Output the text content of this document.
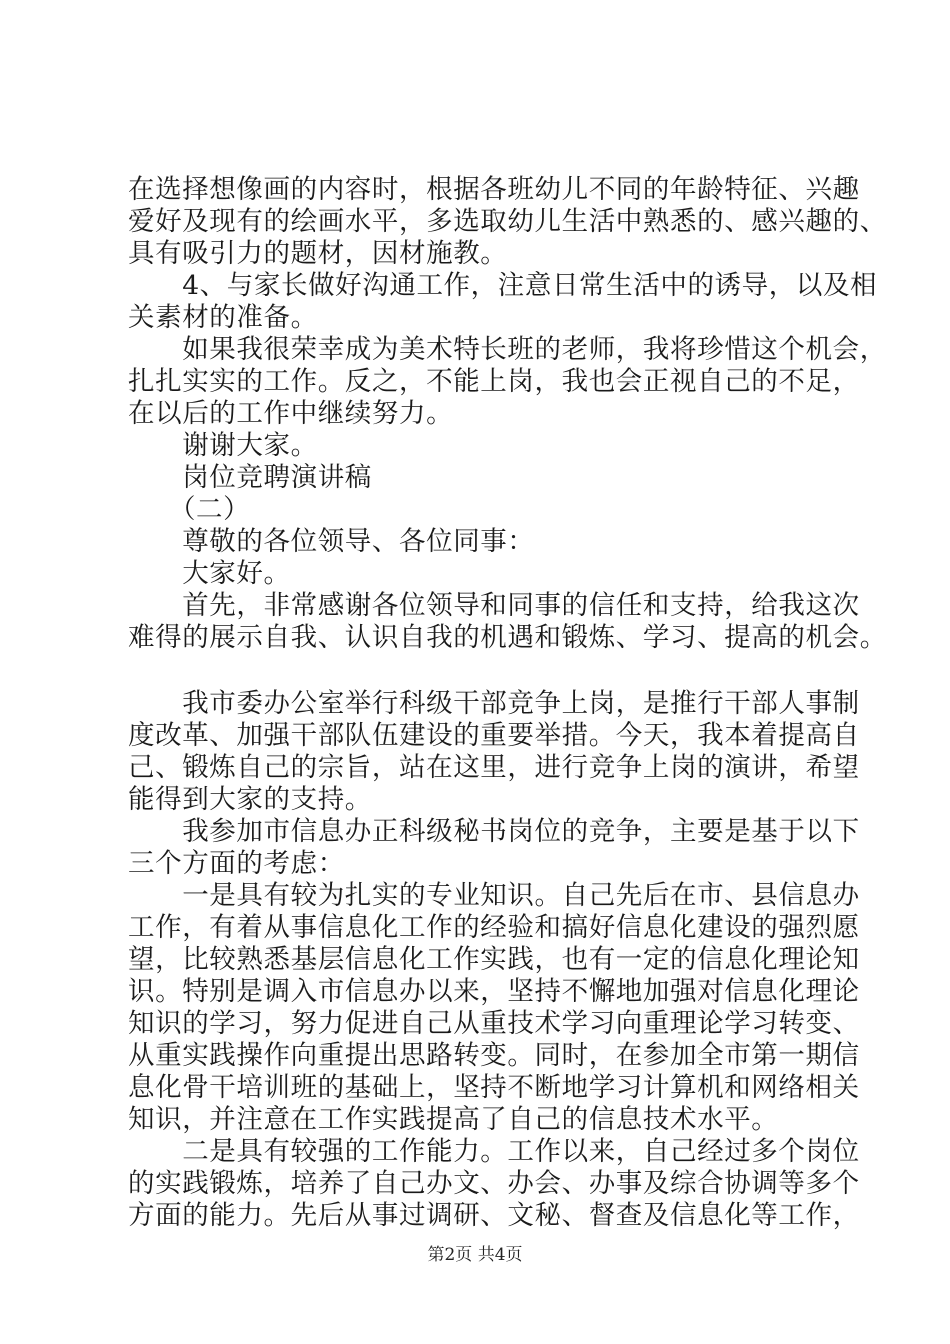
在选择想像画的内容时，根据各班幼儿不同的年龄特征、兴趣
爱好及现有的绘画水平，多选取幼儿生活中熟悉的、感兴趣的、
具有吸引力的题材，因材施教。
　　4、与家长做好沟通工作，注意日常生活中的诱导，以及相
关素材的准备。
　　如果我很荣幸成为美术特长班的老师，我将珍惜这个机会，
扎扎实实的工作。反之，不能上岗，我也会正视自己的不足，
在以后的工作中继续努力。
　　谢谢大家。
　　岗位竞聘演讲稿
　　（二）
　　尊敬的各位领导、各位同事：
　　大家好。
　　首先，非常感谢各位领导和同事的信任和支持，给我这次
难得的展示自我、认识自我的机遇和锻炼、学习、提高的机会。
　　我市委办公室举行科级干部竞争上岗，是推行干部人事制
度改革、加强干部队伍建设的重要举措。今天，我本着提高自
己、锻炼自己的宗旨，站在这里，进行竞争上岗的演讲，希望
能得到大家的支持。
　　我参加市信息办正科级秘书岗位的竞争，主要是基于以下
三个方面的考虑：
　　一是具有较为扎实的专业知识。自己先后在市、县信息办
工作，有着从事信息化工作的经验和搞好信息化建设的强烈愿
望，比较熟悉基层信息化工作实践，也有一定的信息化理论知
识。特别是调入市信息办以来，坚持不懈地加强对信息化理论
知识的学习，努力促进自己从重技术学习向重理论学习转变、
从重实践操作向重提出思路转变。同时，在参加全市第一期信
息化骨干培训班的基础上，坚持不断地学习计算机和网络相关
知识，并注意在工作实践提高了自己的信息技术水平。
　　二是具有较强的工作能力。工作以来，自己经过多个岗位
的实践锻炼，培养了自己办文、办会、办事及综合协调等多个
方面的能力。先后从事过调研、文秘、督查及信息化等工作，
第2页 共4页
